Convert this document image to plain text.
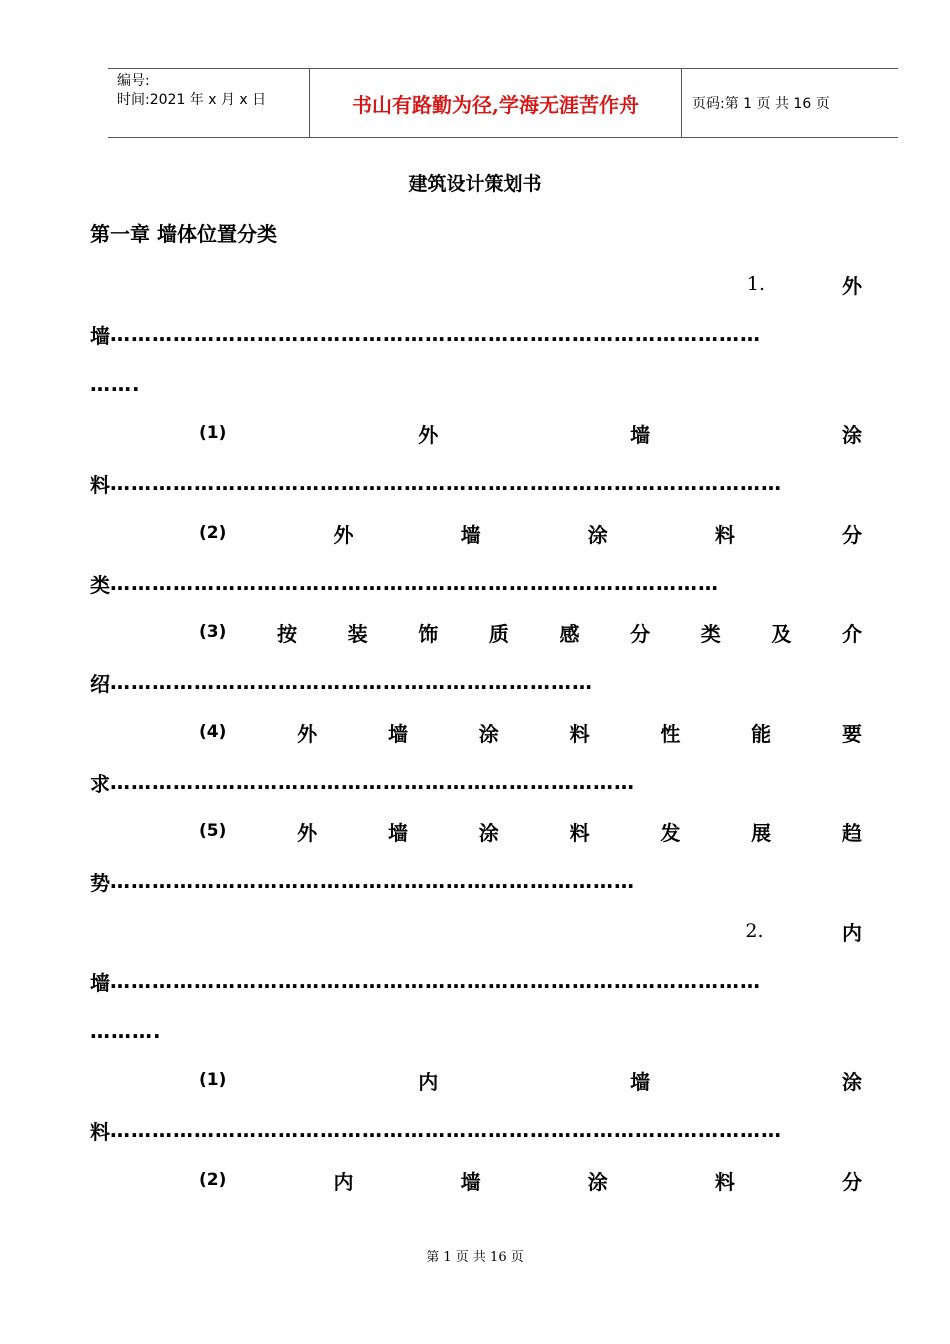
编号:
时间:2021 年 x 月 x 日	书山有路勤为径,学海无涯苦作舟	页码:第 1 页 共 16 页
建筑设计策划书
第一章 墙体位置分类
1.	外
墙 …………………………………………………………………………………
…….
(1)	外	墙	涂
料 ……………………………………………………………………………………
(2)	外	墙	涂	料	分
类 ……………………………………………………………………………
(3)	按	装	饰	质	感	分	类	及	介
绍 ……………………………………………………………
(4)	外	墙	涂	料	性	能	要
求 …………………………………………………………………
(5)	外	墙	涂	料	发	展	趋
势 …………………………………………………………………
2.	内
墙 …………………………………………………………………………………
……….
(1)	内	墙	涂
料 ……………………………………………………………………………………
(2)	内	墙	涂	料	分
第 1 页 共 16 页
